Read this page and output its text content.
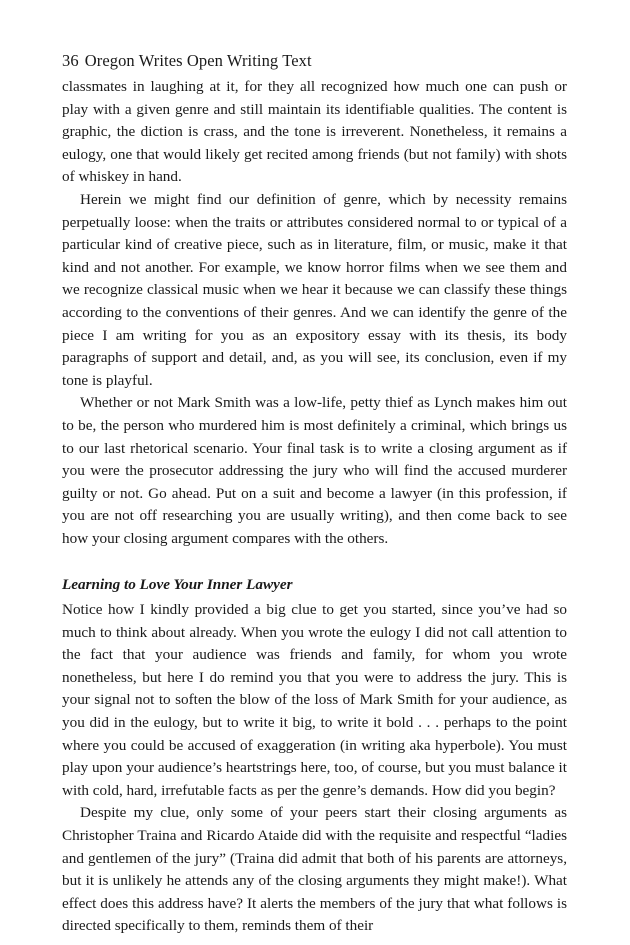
36 Oregon Writes Open Writing Text

classmates in laughing at it, for they all recognized how much one can push or play with a given genre and still maintain its identifiable qualities. The content is graphic, the diction is crass, and the tone is irreverent. Nonetheless, it remains a eulogy, one that would likely get recited among friends (but not family) with shots of whiskey in hand.

Herein we might find our definition of genre, which by necessity remains perpetually loose: when the traits or attributes considered normal to or typical of a particular kind of creative piece, such as in literature, film, or music, make it that kind and not another. For example, we know horror films when we see them and we recognize classical music when we hear it because we can classify these things according to the conventions of their genres. And we can identify the genre of the piece I am writing for you as an expository essay with its thesis, its body paragraphs of support and detail, and, as you will see, its conclusion, even if my tone is playful.

Whether or not Mark Smith was a low-life, petty thief as Lynch makes him out to be, the person who murdered him is most definitely a criminal, which brings us to our last rhetorical scenario. Your final task is to write a closing argument as if you were the prosecutor addressing the jury who will find the accused murderer guilty or not. Go ahead. Put on a suit and become a lawyer (in this profession, if you are not off researching you are usually writing), and then come back to see how your closing argument compares with the others.

Learning to Love Your Inner Lawyer

Notice how I kindly provided a big clue to get you started, since you’ve had so much to think about already. When you wrote the eulogy I did not call attention to the fact that your audience was friends and family, for whom you wrote nonetheless, but here I do remind you that you were to address the jury. This is your signal not to soften the blow of the loss of Mark Smith for your audience, as you did in the eulogy, but to write it big, to write it bold . . . perhaps to the point where you could be accused of exaggeration (in writing aka hyperbole). You must play upon your audience’s heartstrings here, too, of course, but you must balance it with cold, hard, irrefutable facts as per the genre’s demands. How did you begin?

Despite my clue, only some of your peers start their closing arguments as Christopher Traina and Ricardo Ataide did with the requisite and respectful “ladies and gentlemen of the jury” (Traina did admit that both of his parents are attorneys, but it is unlikely he attends any of the closing arguments they might make!). What effect does this address have? It alerts the members of the jury that what follows is directed specifically to them, reminds them of their
